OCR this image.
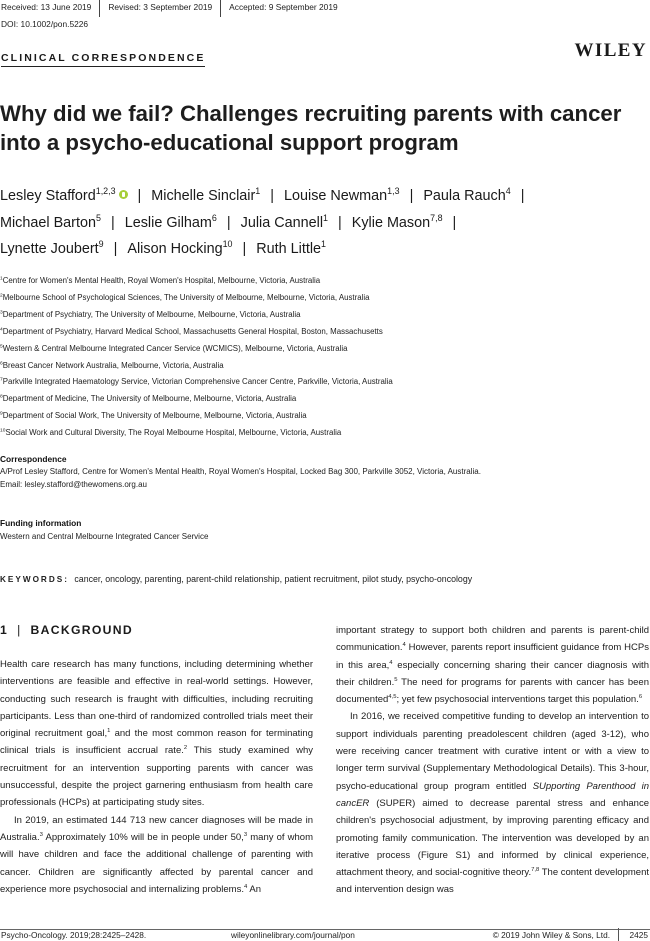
Received: 13 June 2019	Revised: 3 September 2019	Accepted: 9 September 2019
DOI: 10.1002/pon.5226
CLINICAL CORRESPONDENCE	WILEY
Why did we fail? Challenges recruiting parents with cancer into a psycho-educational support program
Lesley Stafford$^{1,2,3}$ | Michelle Sinclair$^1$ | Louise Newman$^{1,3}$ | Paula Rauch$^4$ |
Michael Barton$^5$ | Leslie Gilham$^6$ | Julia Cannell$^1$ | Kylie Mason$^{7,8}$ |
Lynette Joubert$^9$ | Alison Hocking$^{10}$ | Ruth Little$^1$
$^1$Centre for Women's Mental Health, Royal Women's Hospital, Melbourne, Victoria, Australia
$^2$Melbourne School of Psychological Sciences, The University of Melbourne, Melbourne, Victoria, Australia
$^3$Department of Psychiatry, The University of Melbourne, Melbourne, Victoria, Australia
$^4$Department of Psychiatry, Harvard Medical School, Massachusetts General Hospital, Boston, Massachusetts
$^5$Western & Central Melbourne Integrated Cancer Service (WCMICS), Melbourne, Victoria, Australia
$^6$Breast Cancer Network Australia, Melbourne, Victoria, Australia
$^7$Parkville Integrated Haematology Service, Victorian Comprehensive Cancer Centre, Parkville, Victoria, Australia
$^8$Department of Medicine, The University of Melbourne, Melbourne, Victoria, Australia
$^9$Department of Social Work, The University of Melbourne, Melbourne, Victoria, Australia
$^{10}$Social Work and Cultural Diversity, The Royal Melbourne Hospital, Melbourne, Victoria, Australia
Correspondence
A/Prof Lesley Stafford, Centre for Women's Mental Health, Royal Women's Hospital, Locked Bag 300, Parkville 3052, Victoria, Australia.
Email: lesley.stafford@thewomens.org.au
Funding information
Western and Central Melbourne Integrated Cancer Service
KEYWORDS: cancer, oncology, parenting, parent-child relationship, patient recruitment, pilot study, psycho-oncology
1 | BACKGROUND

Health care research has many functions, including determining whether interventions are feasible and effective in real-world settings. However, conducting such research is fraught with difficulties, including recruiting participants. Less than one-third of randomized controlled trials meet their original recruitment goal,$^1$ and the most common reason for terminating clinical trials is insufficient accrual rate.$^2$ This study examined why recruitment for an intervention supporting parents with cancer was unsuccessful, despite the project garnering enthusiasm from health care professionals (HCPs) at participating study sites.

In 2019, an estimated 144 713 new cancer diagnoses will be made in Australia.$^3$ Approximately 10% will be in people under 50,$^3$ many of whom will have children and face the additional challenge of parenting with cancer. Children are significantly affected by parental cancer and experience more psychosocial and internalizing problems.$^4$ An

important strategy to support both children and parents is parent-child communication.$^4$ However, parents report insufficient guidance from HCPs in this area,$^4$ especially concerning sharing their cancer diagnosis with their children.$^5$ The need for programs for parents with cancer has been documented$^{4,5}$; yet few psychosocial interventions target this population.$^6$

In 2016, we received competitive funding to develop an intervention to support individuals parenting preadolescent children (aged 3-12), who were receiving cancer treatment with curative intent or with a view to longer term survival (Supplementary Methodological Details). This 3-hour, psycho-educational group program entitled SUpporting Parenthood in cancER (SUPER) aimed to decrease parental stress and enhance children's psychosocial adjustment, by improving parenting efficacy and promoting family communication. The intervention was developed by an iterative process (Figure S1) and informed by clinical experience, attachment theory, and social-cognitive theory.$^{7,8}$ The content development and intervention design was

Psycho-Oncology. 2019;28:2425–2428.	wileyonlinelibrary.com/journal/pon	© 2019 John Wiley & Sons, Ltd. 2425
